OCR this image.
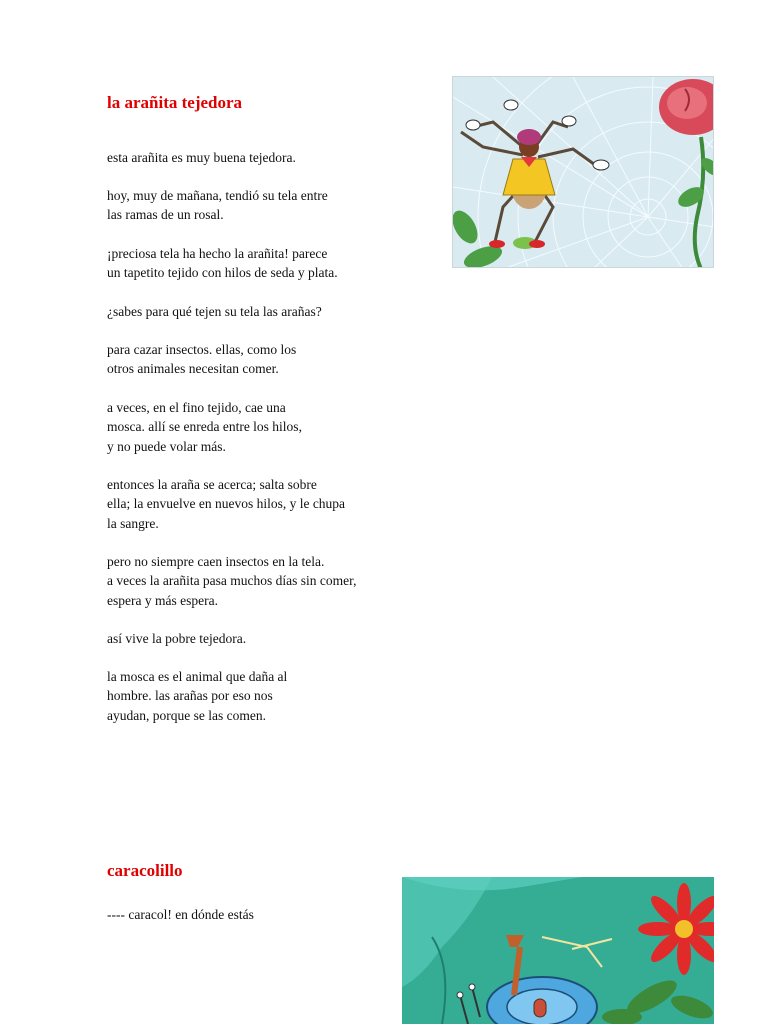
la arañita tejedora

esta arañita es muy buena tejedora.

hoy, muy de mañana, tendió su tela entre
las ramas de un rosal.

¡preciosa tela ha hecho la arañita! parece
un tapetito tejido con hilos de seda y plata.

¿sabes para qué tejen su tela las arañas?

para cazar insectos. ellas, como los
otros animales necesitan comer.

a veces, en el fino tejido, cae una
mosca. allí se enreda entre los hilos,
y no puede volar más.

entonces la araña se acerca; salta sobre
ella; la envuelve en nuevos hilos, y le chupa
la sangre.

pero no siempre caen insectos en la tela.
a veces la arañita pasa muchos días sin comer,
espera y más espera.

así vive la pobre tejedora.

la mosca es el animal que daña al
hombre. las arañas por eso nos
ayudan, porque se las comen.

caracolillo

---- caracol! en dónde estás
